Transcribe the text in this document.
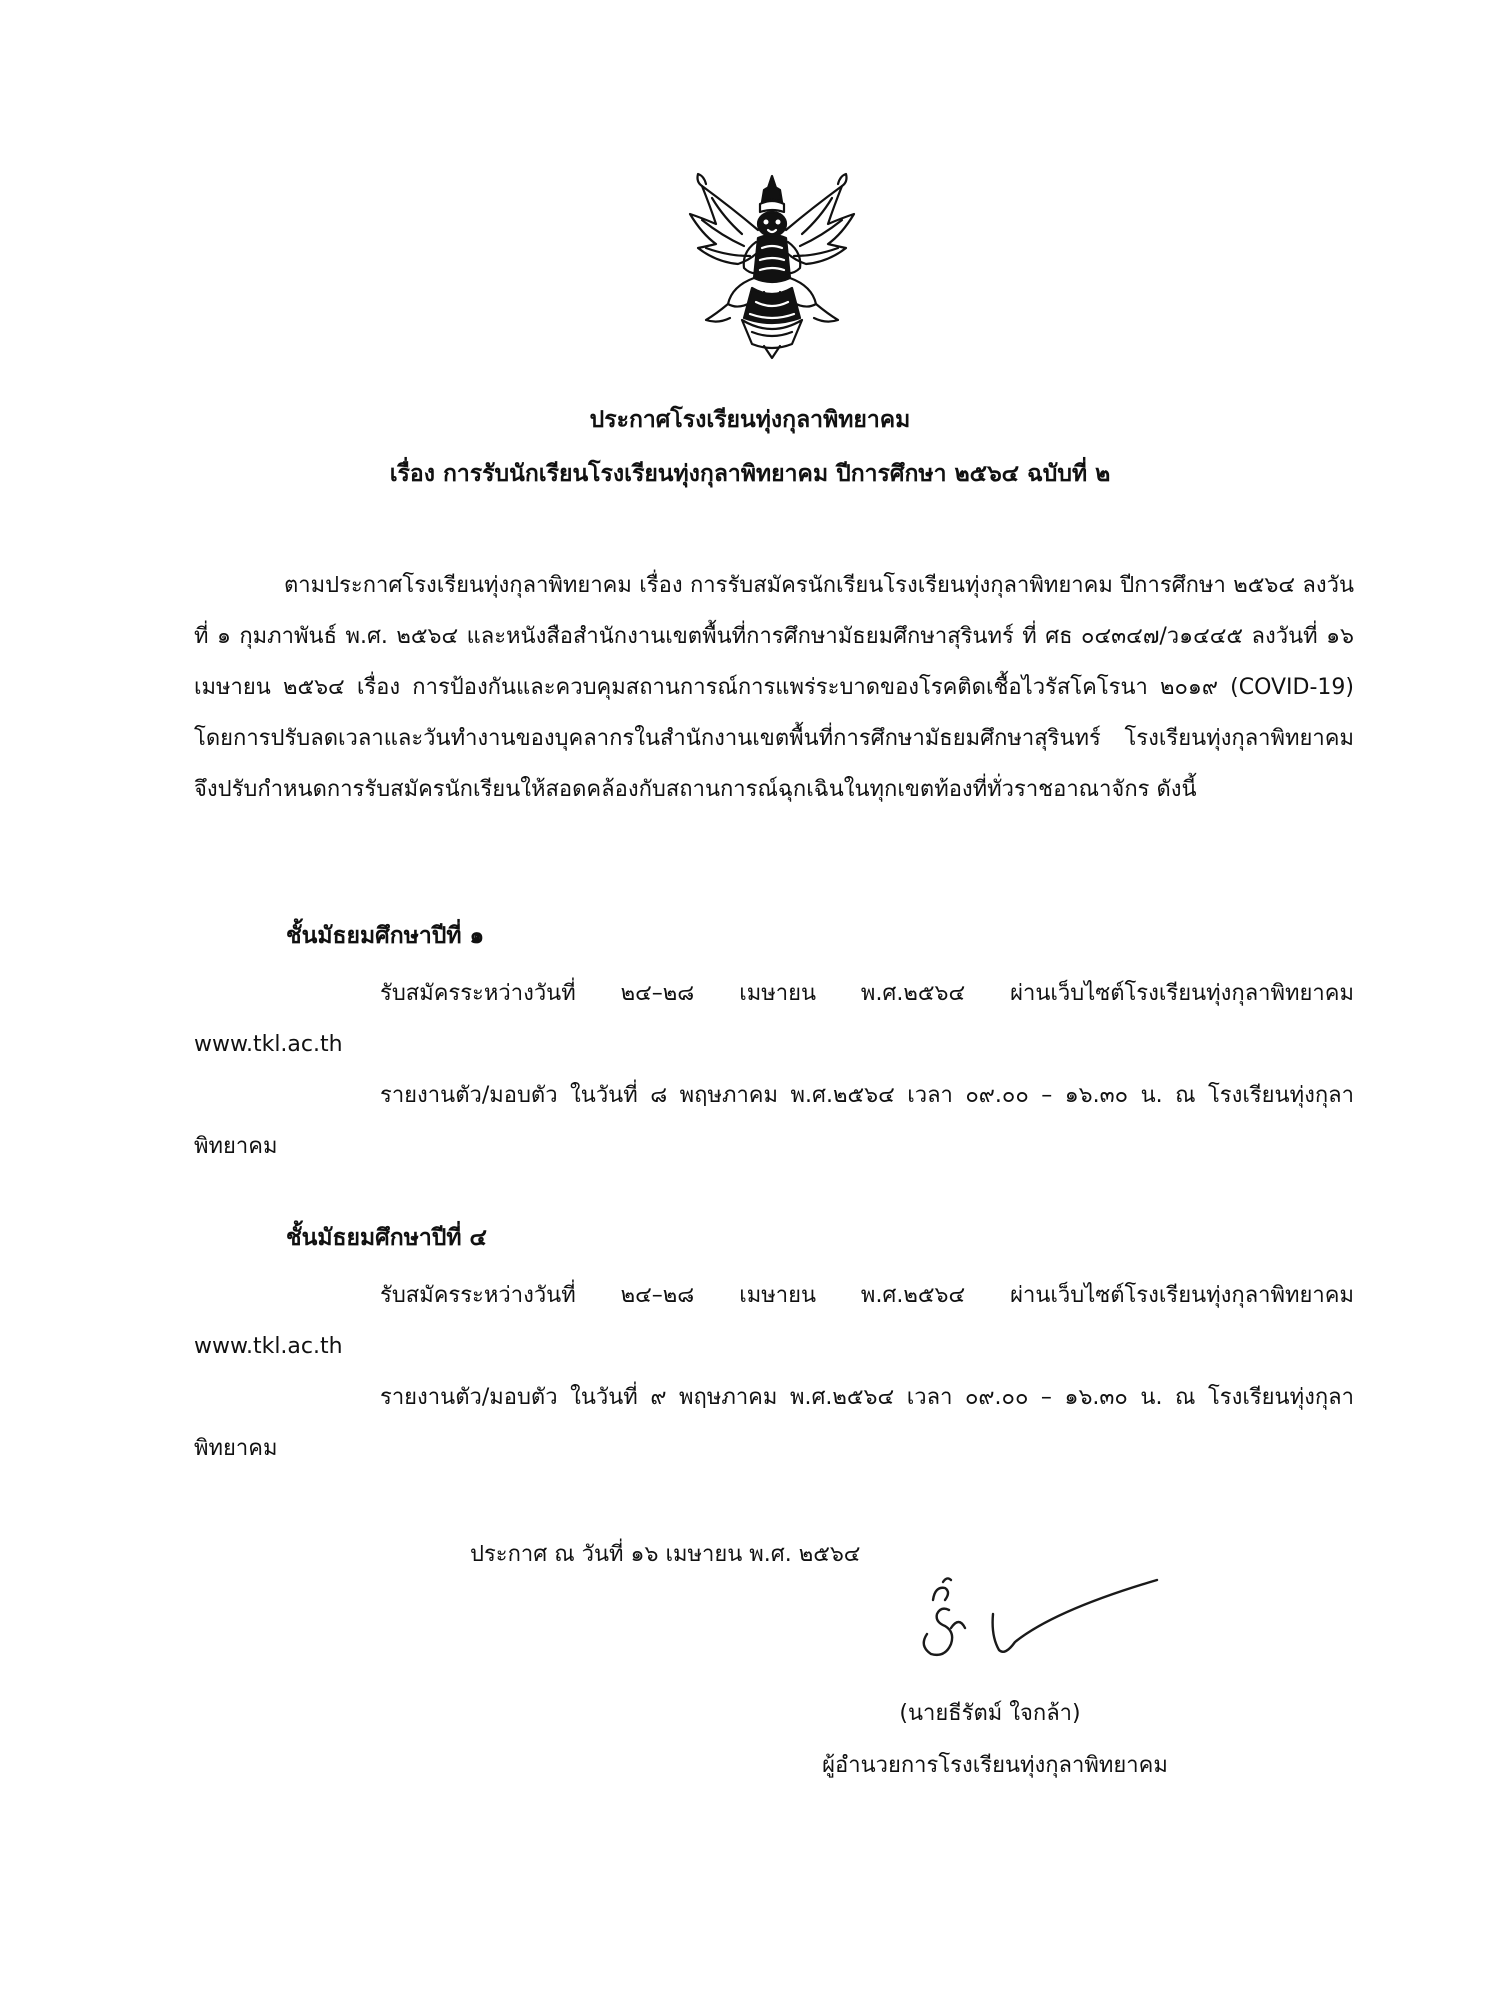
ประกาศโรงเรียนทุ่งกุลาพิทยาคม
เรื่อง การรับนักเรียนโรงเรียนทุ่งกุลาพิทยาคม ปีการศึกษา ๒๕๖๔ ฉบับที่ ๒
ตามประกาศโรงเรียนทุ่งกุลาพิทยาคม เรื่อง การรับสมัครนักเรียนโรงเรียนทุ่งกุลาพิทยาคม ปีการศึกษา ๒๕๖๔ ลงวันที่ ๑ กุมภาพันธ์ พ.ศ. ๒๕๖๔ และหนังสือสำนักงานเขตพื้นที่การศึกษามัธยมศึกษาสุรินทร์ ที่ ศธ ๐๔๓๔๗/ว๑๔๔๕ ลงวันที่ ๑๖ เมษายน ๒๕๖๔ เรื่อง การป้องกันและควบคุมสถานการณ์การแพร่ระบาดของโรคติดเชื้อไวรัสโคโรนา ๒๐๑๙ (COVID-19) โดยการปรับลดเวลาและวันทำงานของบุคลากรในสำนักงานเขตพื้นที่การศึกษามัธยมศึกษาสุรินทร์ โรงเรียนทุ่งกุลาพิทยาคม จึงปรับกำหนดการรับสมัครนักเรียนให้สอดคล้องกับสถานการณ์ฉุกเฉินในทุกเขตท้องที่ทั่วราชอาณาจักร ดังนี้
ชั้นมัธยมศึกษาปีที่ ๑
รับสมัครระหว่างวันที่ ๒๔–๒๘ เมษายน พ.ศ.๒๕๖๔ ผ่านเว็บไซต์โรงเรียนทุ่งกุลาพิทยาคม www.tkl.ac.th
รายงานตัว/มอบตัว ในวันที่ ๘ พฤษภาคม พ.ศ.๒๕๖๔ เวลา ๐๙.๐๐ – ๑๖.๓๐ น. ณ โรงเรียนทุ่งกุลาพิทยาคม
ชั้นมัธยมศึกษาปีที่ ๔
รับสมัครระหว่างวันที่ ๒๔–๒๘ เมษายน พ.ศ.๒๕๖๔ ผ่านเว็บไซต์โรงเรียนทุ่งกุลาพิทยาคม www.tkl.ac.th
รายงานตัว/มอบตัว ในวันที่ ๙ พฤษภาคม พ.ศ.๒๕๖๔ เวลา ๐๙.๐๐ – ๑๖.๓๐ น. ณ โรงเรียนทุ่งกุลาพิทยาคม
ประกาศ ณ วันที่ ๑๖ เมษายน พ.ศ. ๒๕๖๔
(นายธีรัตม์ ใจกล้า)
ผู้อำนวยการโรงเรียนทุ่งกุลาพิทยาคม
